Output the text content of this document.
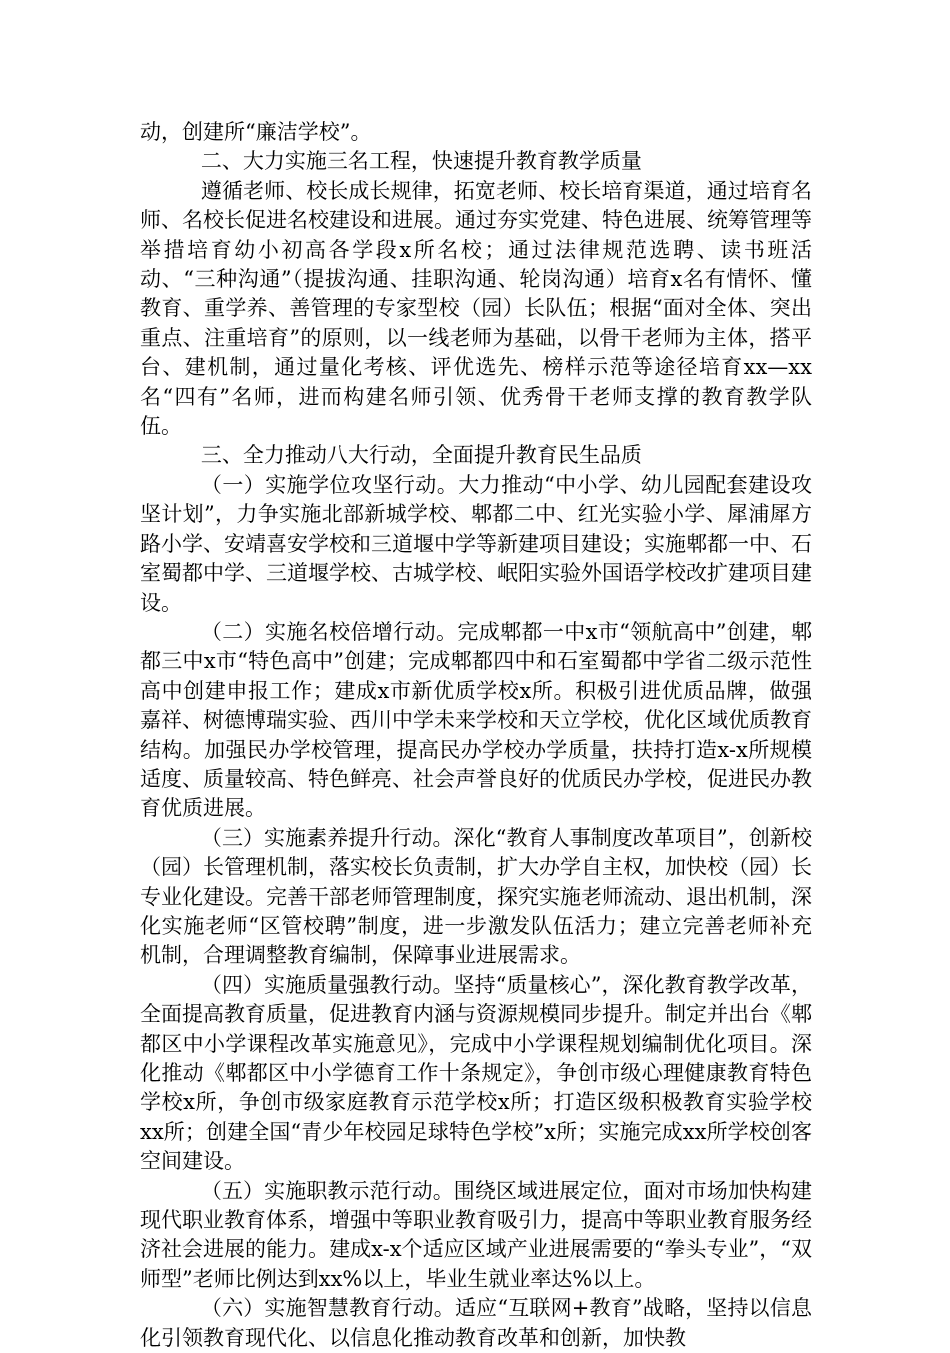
动，创建所“廉洁学校”。

二、大力实施三名工程，快速提升教育教学质量

遵循老师、校长成长规律，拓宽老师、校长培育渠道，通过培育名师、名校长促进名校建设和进展。通过夯实党建、特色进展、统筹管理等举措培育幼小初高各学段x所名校；通过法律规范选聘、读书班活动、“三种沟通”（提拔沟通、挂职沟通、轮岗沟通）培育x名有情怀、懂教育、重学养、善管理的专家型校（园）长队伍；根据“面对全体、突出重点、注重培育”的原则，以一线老师为基础，以骨干老师为主体，搭平台、建机制，通过量化考核、评优选先、榜样示范等途径培育xx—xx名“四有”名师，进而构建名师引领、优秀骨干老师支撑的教育教学队伍。

三、全力推动八大行动，全面提升教育民生品质

（一）实施学位攻坚行动。大力推动“中小学、幼儿园配套建设攻坚计划”，力争实施北部新城学校、郫都二中、红光实验小学、犀浦犀方路小学、安靖喜安学校和三道堰中学等新建项目建设；实施郫都一中、石室蜀都中学、三道堰学校、古城学校、岷阳实验外国语学校改扩建项目建设。

（二）实施名校倍增行动。完成郫都一中x市“领航高中”创建，郫都三中x市“特色高中”创建；完成郫都四中和石室蜀都中学省二级示范性高中创建申报工作；建成x市新优质学校x所。积极引进优质品牌，做强嘉祥、树德博瑞实验、西川中学未来学校和天立学校，优化区域优质教育结构。加强民办学校管理，提高民办学校办学质量，扶持打造x-x所规模适度、质量较高、特色鲜亮、社会声誉良好的优质民办学校，促进民办教育优质进展。

（三）实施素养提升行动。深化“教育人事制度改革项目”，创新校（园）长管理机制，落实校长负责制，扩大办学自主权，加快校（园）长专业化建设。完善干部老师管理制度，探究实施老师流动、退出机制，深化实施老师“区管校聘”制度，进一步激发队伍活力；建立完善老师补充机制，合理调整教育编制，保障事业进展需求。

（四）实施质量强教行动。坚持“质量核心”，深化教育教学改革，全面提高教育质量，促进教育内涵与资源规模同步提升。制定并出台《郫都区中小学课程改革实施意见》，完成中小学课程规划编制优化项目。深化推动《郫都区中小学德育工作十条规定》，争创市级心理健康教育特色学校x所，争创市级家庭教育示范学校x所；打造区级积极教育实验学校xx所；创建全国“青少年校园足球特色学校”x所；实施完成xx所学校创客空间建设。

（五）实施职教示范行动。围绕区域进展定位，面对市场加快构建现代职业教育体系，增强中等职业教育吸引力，提高中等职业教育服务经济社会进展的能力。建成x-x个适应区域产业进展需要的“拳头专业”，“双师型”老师比例达到xx%以上，毕业生就业率达%以上。

（六）实施智慧教育行动。适应“互联网+教育”战略，坚持以信息化引领教育现代化、以信息化推动教育改革和创新，加快教
